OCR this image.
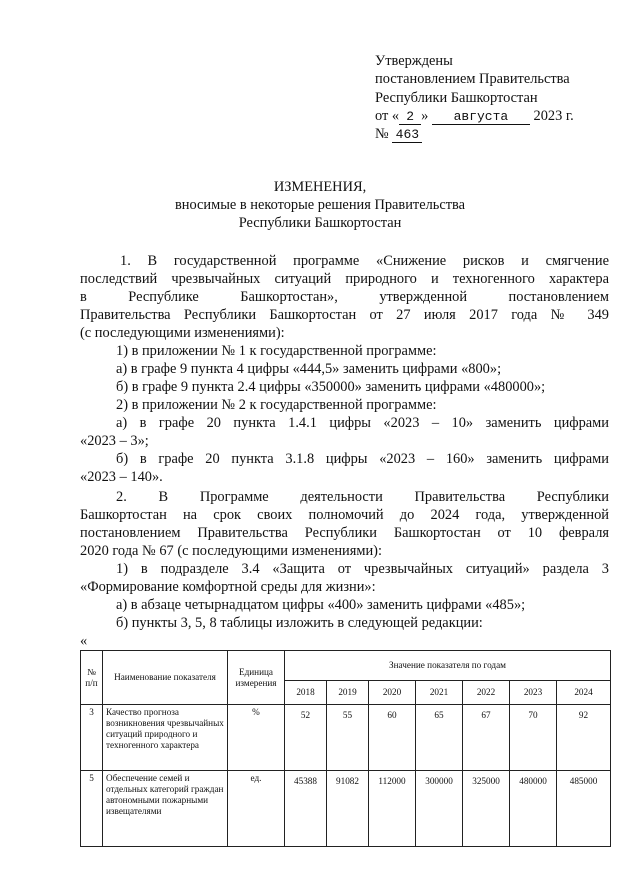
Утверждены
постановлением Правительства
Республики Башкортостан
от « 2 » августа 2023 г.
№ 463
ИЗМЕНЕНИЯ,
вносимые в некоторые решения Правительства
Республики Башкортостан
1. В государственной программе «Снижение рисков и смягчение
последствий чрезвычайных ситуаций природного и техногенного характера
в Республике Башкортостан», утвержденной постановлением
Правительства Республики Башкортостан от 27 июля 2017 года № 349
(с последующими изменениями):
1) в приложении № 1 к государственной программе:
а) в графе 9 пункта 4 цифры «444,5» заменить цифрами «800»;
б) в графе 9 пункта 2.4 цифры «350000» заменить цифрами «480000»;
2) в приложении № 2 к государственной программе:
а) в графе 20 пункта 1.4.1 цифры «2023 – 10» заменить цифрами
«2023 – 3»;
б) в графе 20 пункта 3.1.8 цифры «2023 – 160» заменить цифрами
«2023 – 140».
2. В Программе деятельности Правительства Республики
Башкортостан на срок своих полномочий до 2024 года, утвержденной
постановлением Правительства Республики Башкортостан от 10 февраля
2020 года № 67 (с последующими изменениями):
1) в подразделе 3.4 «Защита от чрезвычайных ситуаций» раздела 3
«Формирование комфортной среды для жизни»:
а) в абзаце четырнадцатом цифры «400» заменить цифрами «485»;
б) пункты 3, 5, 8 таблицы изложить в следующей редакции:
«
№ п/п	Наименование показателя	Единица измерения	Значение показателя по годам						
			2018	2019	2020	2021	2022	2023	2024
3	Качество прогноза возникновения чрезвычайных ситуаций природного и техногенного характера	%	52	55	60	65	67	70	92
5	Обеспечение семей и отдельных категорий граждан автономными пожарными извещателями	ед.	45388	91082	112000	300000	325000	480000	485000
